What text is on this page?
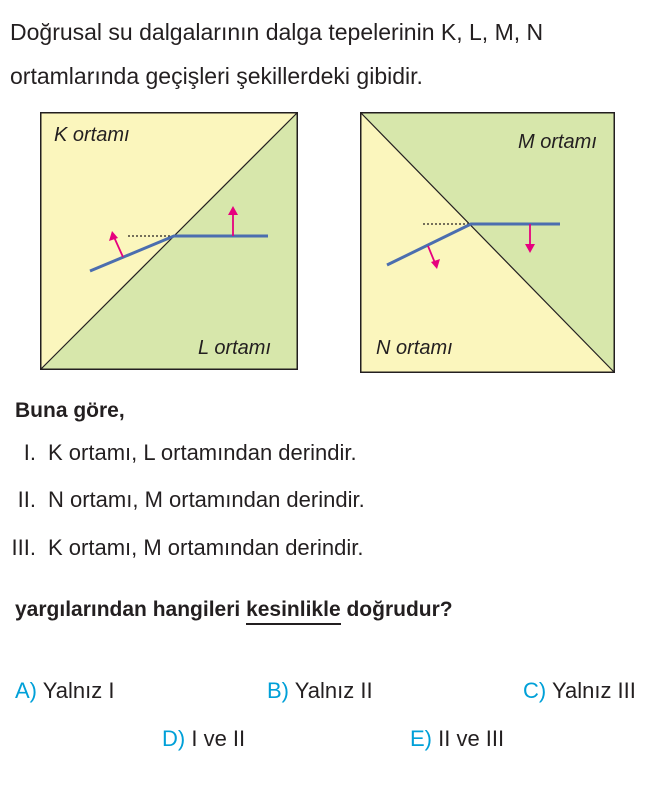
Doğrusal su dalgalarının dalga tepelerinin K, L, M, N
ortamlarında geçişleri şekillerdeki gibidir.
K ortamı
L ortamı
M ortamı
N ortamı
Buna göre,
I. K ortamı, L ortamından derindir.
II. N ortamı, M ortamından derindir.
III. K ortamı, M ortamından derindir.
yargılarından hangileri kesinlikle doğrudur?
A) Yalnız I	B) Yalnız II	C) Yalnız III
D) I ve II	E) II ve III
